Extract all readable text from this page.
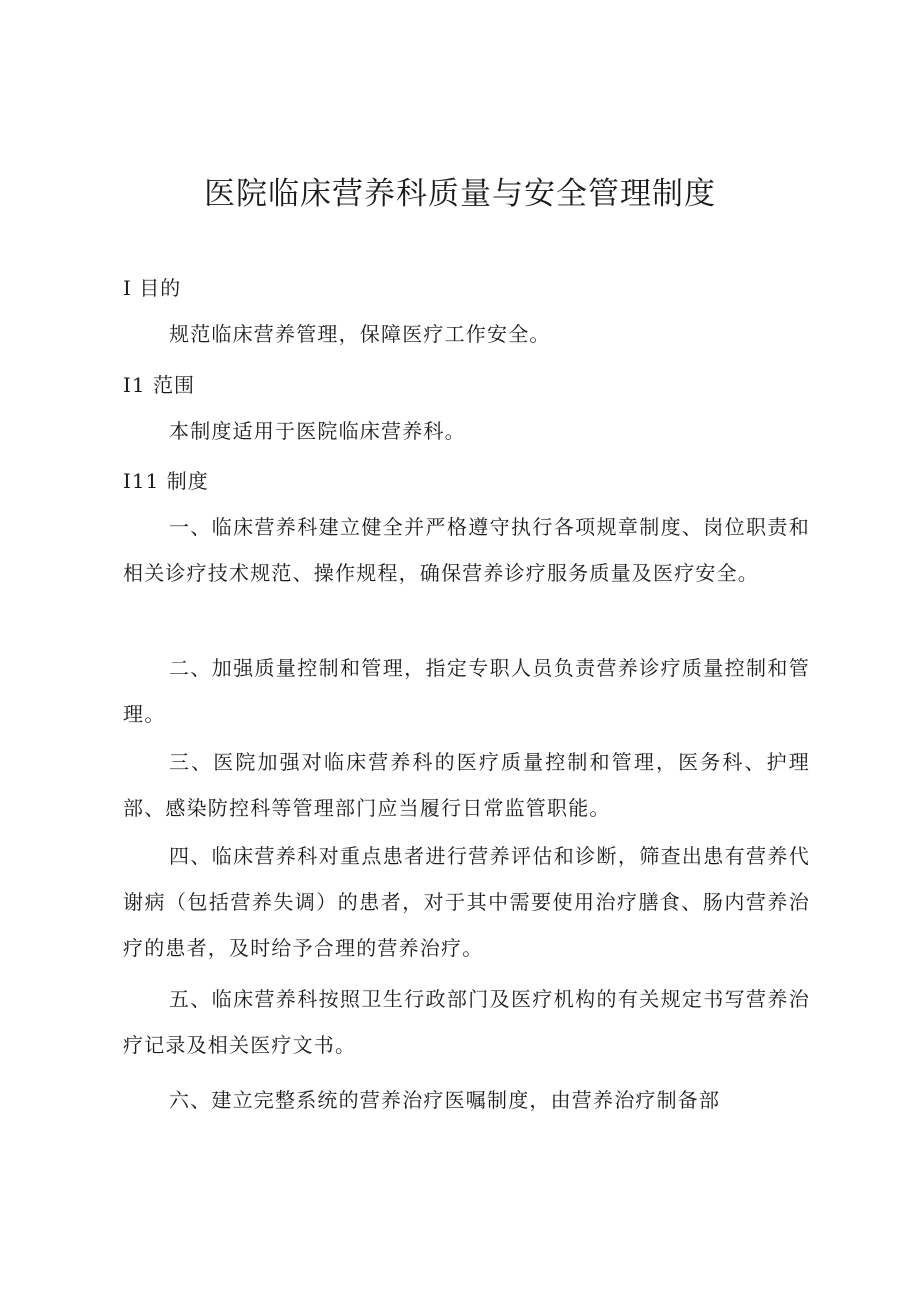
医院临床营养科质量与安全管理制度
I 目的

规范临床营养管理，保障医疗工作安全。

I1 范围

本制度适用于医院临床营养科。

I11 制度

一、临床营养科建立健全并严格遵守执行各项规章制度、岗位职责和相关诊疗技术规范、操作规程，确保营养诊疗服务质量及医疗安全。

二、加强质量控制和管理，指定专职人员负责营养诊疗质量控制和管理。

三、医院加强对临床营养科的医疗质量控制和管理，医务科、护理部、感染防控科等管理部门应当履行日常监管职能。

四、临床营养科对重点患者进行营养评估和诊断，筛查出患有营养代谢病（包括营养失调）的患者，对于其中需要使用治疗膳食、肠内营养治疗的患者，及时给予合理的营养治疗。

五、临床营养科按照卫生行政部门及医疗机构的有关规定书写营养治疗记录及相关医疗文书。

六、建立完整系统的营养治疗医嘱制度，由营养治疗制备部
